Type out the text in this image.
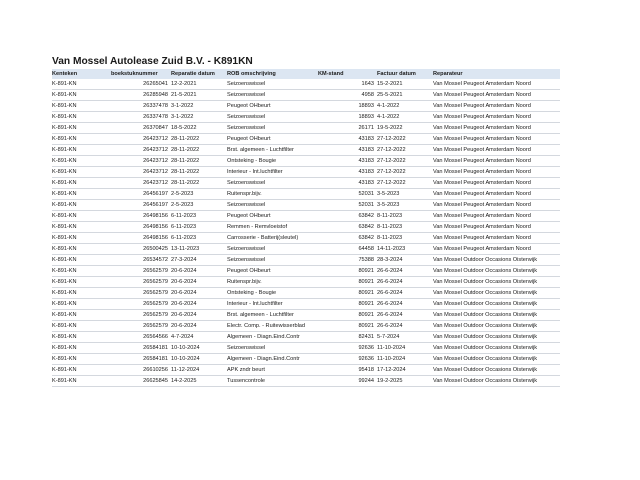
Van Mossel Autolease Zuid B.V. - K891KN
Kenteken	boekstuknummer	Reparatie datum	ROB omschrijving	KM-stand	Factuur datum	Reparateur
K-891-KN	26265041	12-2-2021	Seizoenswissel	1643	15-2-2021	Van Mossel Peugeot Amsterdam Noord
K-891-KN	26285948	21-5-2021	Seizoenswissel	4958	25-5-2021	Van Mossel Peugeot Amsterdam Noord
K-891-KN	26337478	3-1-2022	Peugeot OHbeurt	18893	4-1-2022	Van Mossel Peugeot Amsterdam Noord
K-891-KN	26337478	3-1-2022	Seizoenswissel	18893	4-1-2022	Van Mossel Peugeot Amsterdam Noord
K-891-KN	26370847	18-5-2022	Seizoenswissel	26171	19-5-2022	Van Mossel Peugeot Amsterdam Noord
K-891-KN	26423712	28-11-2022	Peugeot OHbeurt	43183	27-12-2022	Van Mossel Peugeot Amsterdam Noord
K-891-KN	26423712	28-11-2022	Brst. algemeen - Luchtfilter	43183	27-12-2022	Van Mossel Peugeot Amsterdam Noord
K-891-KN	26423712	28-11-2022	Ontsteking - Bougie	43183	27-12-2022	Van Mossel Peugeot Amsterdam Noord
K-891-KN	26423712	28-11-2022	Interieur - Int.luchtfilter	43183	27-12-2022	Van Mossel Peugeot Amsterdam Noord
K-891-KN	26423712	28-11-2022	Seizoenswissel	43183	27-12-2022	Van Mossel Peugeot Amsterdam Noord
K-891-KN	26456197	2-5-2023	Ruitenspr.bijv.	52031	3-5-2023	Van Mossel Peugeot Amsterdam Noord
K-891-KN	26456197	2-5-2023	Seizoenswissel	52031	3-5-2023	Van Mossel Peugeot Amsterdam Noord
K-891-KN	26498156	6-11-2023	Peugeot OHbeurt	63842	8-11-2023	Van Mossel Peugeot Amsterdam Noord
K-891-KN	26498156	6-11-2023	Remmen - Remvloeistof	63842	8-11-2023	Van Mossel Peugeot Amsterdam Noord
K-891-KN	26498156	6-11-2023	Carrosserie - Batterij(sleutel)	63842	8-11-2023	Van Mossel Peugeot Amsterdam Noord
K-891-KN	26500425	13-11-2023	Seizoenswissel	64458	14-11-2023	Van Mossel Peugeot Amsterdam Noord
K-891-KN	26534572	27-3-2024	Seizoenswissel	75388	28-3-2024	Van Mossel Outdoor Occasions Oisterwijk
K-891-KN	26562579	20-6-2024	Peugeot OHbeurt	80921	26-6-2024	Van Mossel Outdoor Occasions Oisterwijk
K-891-KN	26562579	20-6-2024	Ruitenspr.bijv.	80921	26-6-2024	Van Mossel Outdoor Occasions Oisterwijk
K-891-KN	26562579	20-6-2024	Ontsteking - Bougie	80921	26-6-2024	Van Mossel Outdoor Occasions Oisterwijk
K-891-KN	26562579	20-6-2024	Interieur - Int.luchtfilter	80921	26-6-2024	Van Mossel Outdoor Occasions Oisterwijk
K-891-KN	26562579	20-6-2024	Brst. algemeen - Luchtfilter	80921	26-6-2024	Van Mossel Outdoor Occasions Oisterwijk
K-891-KN	26562579	20-6-2024	Electr. Comp. - Ruitewisserblad	80921	26-6-2024	Van Mossel Outdoor Occasions Oisterwijk
K-891-KN	26564566	4-7-2024	Algemeen - Diagn.Eind.Contr	82431	5-7-2024	Van Mossel Outdoor Occasions Oisterwijk
K-891-KN	26584181	10-10-2024	Seizoenswissel	92636	11-10-2024	Van Mossel Outdoor Occasions Oisterwijk
K-891-KN	26584181	10-10-2024	Algemeen - Diagn.Eind.Contr	92636	11-10-2024	Van Mossel Outdoor Occasions Oisterwijk
K-891-KN	26610256	11-12-2024	APK zndr beurt	95418	17-12-2024	Van Mossel Outdoor Occasions Oisterwijk
K-891-KN	26625845	14-2-2025	Tussencontrole	99244	19-2-2025	Van Mossel Outdoor Occasions Oisterwijk
